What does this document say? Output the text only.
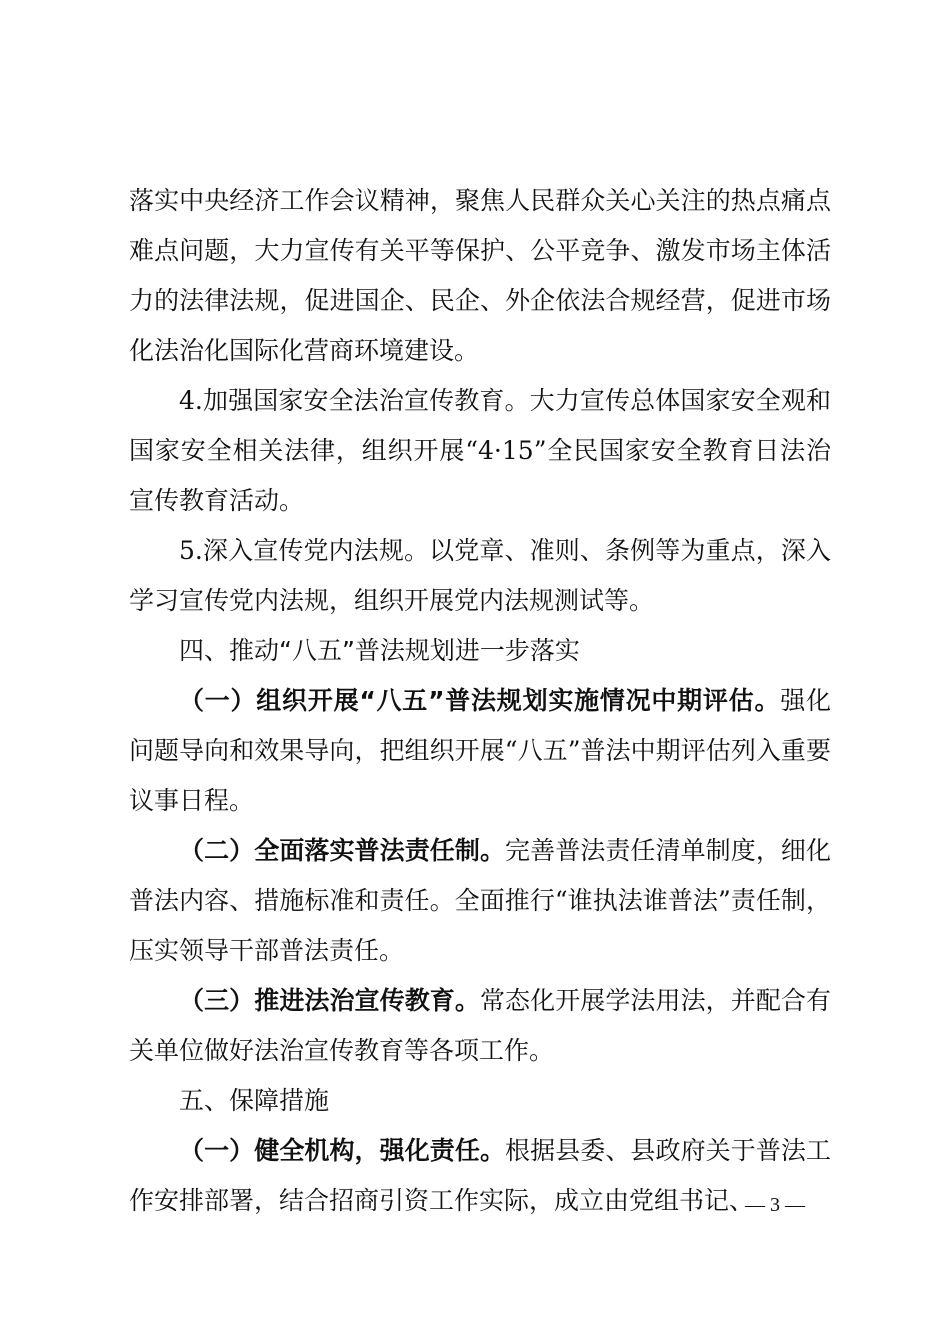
落实中央经济工作会议精神，聚焦人民群众关心关注的热点痛点难点问题，大力宣传有关平等保护、公平竞争、激发市场主体活力的法律法规，促进国企、民企、外企依法合规经营，促进市场化法治化国际化营商环境建设。

4.加强国家安全法治宣传教育。大力宣传总体国家安全观和国家安全相关法律，组织开展“4·15”全民国家安全教育日法治宣传教育活动。

5.深入宣传党内法规。以党章、准则、条例等为重点，深入学习宣传党内法规，组织开展党内法规测试等。

四、推动“八五”普法规划进一步落实

（一）组织开展“八五”普法规划实施情况中期评估。强化问题导向和效果导向，把组织开展“八五”普法中期评估列入重要议事日程。

（二）全面落实普法责任制。完善普法责任清单制度，细化普法内容、措施标准和责任。全面推行“谁执法谁普法”责任制，压实领导干部普法责任。

（三）推进法治宣传教育。常态化开展学法用法，并配合有关单位做好法治宣传教育等各项工作。

五、保障措施

（一）健全机构，强化责任。根据县委、县政府关于普法工作安排部署，结合招商引资工作实际，成立由党组书记、

— 3 —
